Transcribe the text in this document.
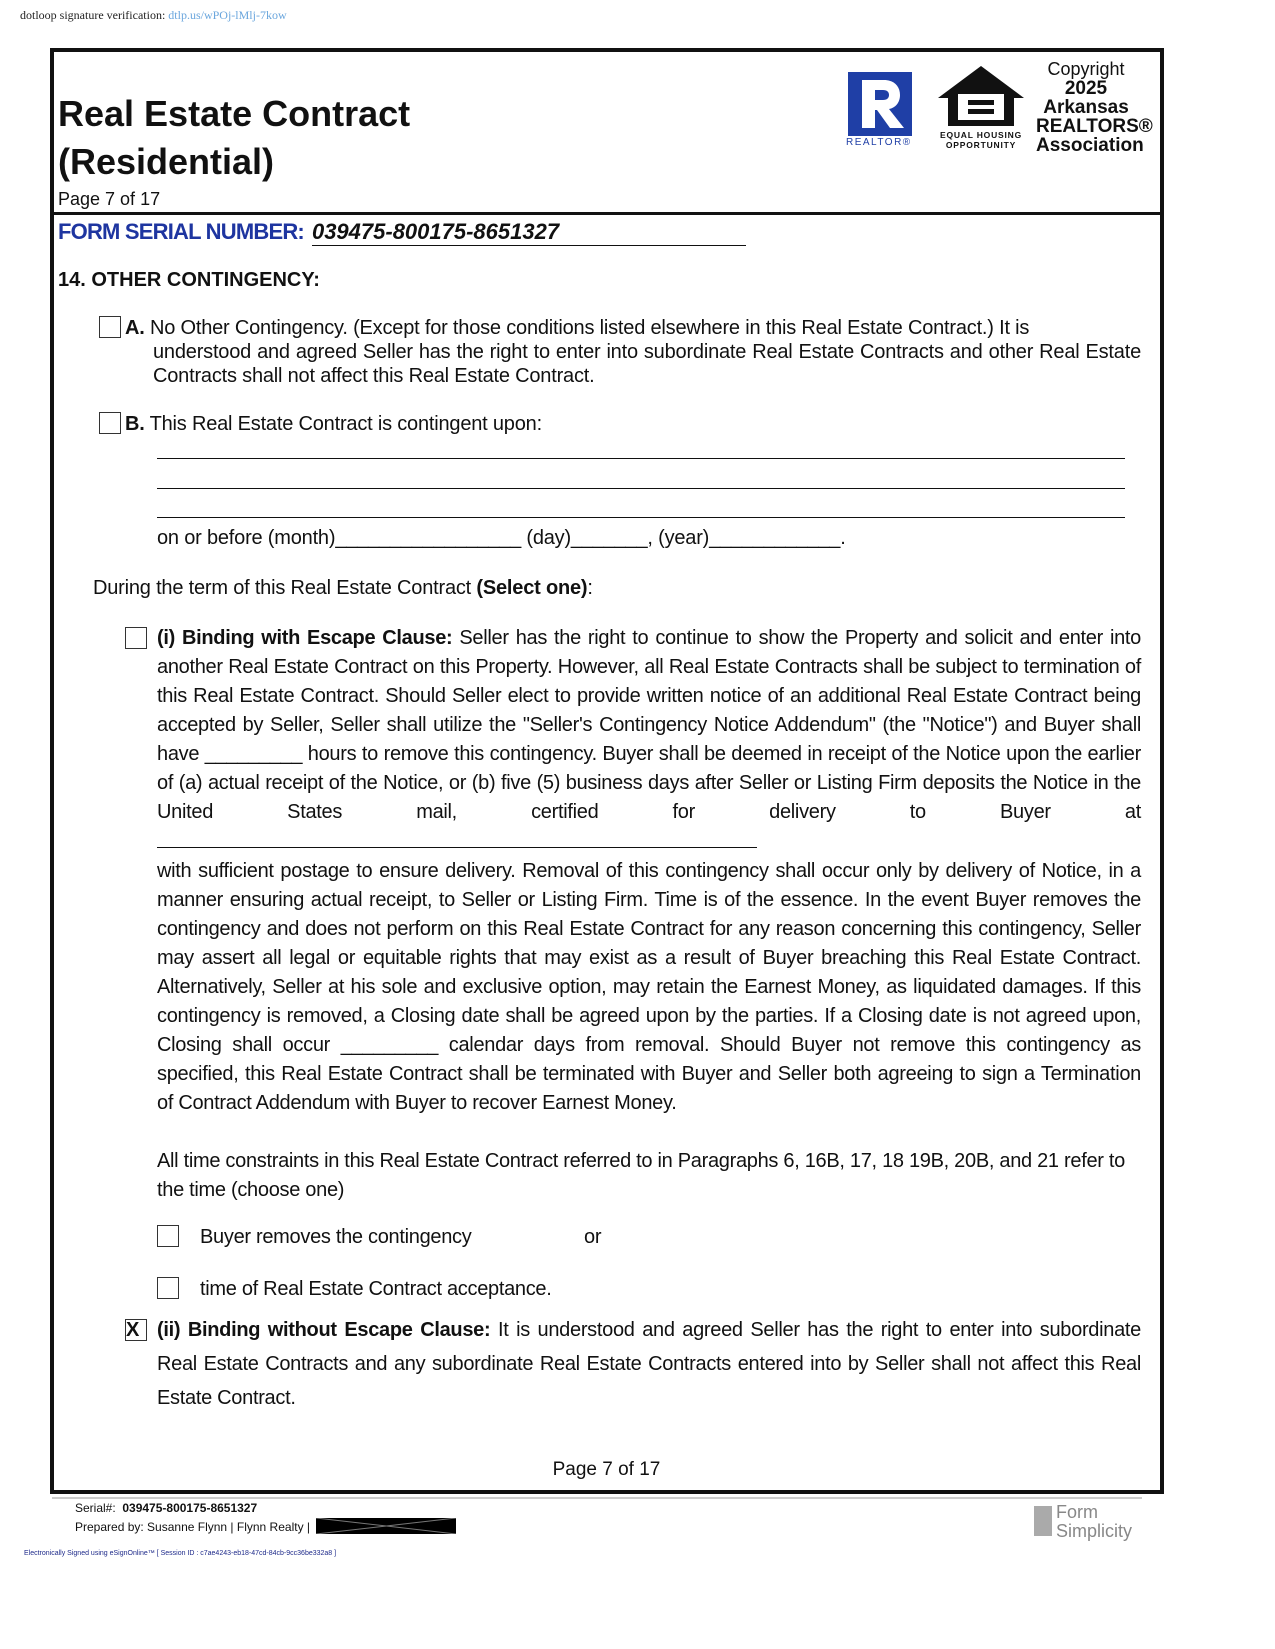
dotloop signature verification: dtlp.us/wPOj-lMlj-7kow
Real Estate Contract
(Residential)
Page 7 of 17
REALTOR®
EQUAL HOUSING
OPPORTUNITY
Copyright
2025
Arkansas
REALTORS®
Association
FORM SERIAL NUMBER: 039475-800175-8651327
14. OTHER CONTINGENCY:
A. No Other Contingency. (Except for those conditions listed elsewhere in this Real Estate Contract.) It is
understood and agreed Seller has the right to enter into subordinate Real Estate Contracts and other Real Estate Contracts shall not affect this Real Estate Contract.
B. This Real Estate Contract is contingent upon:
on or before (month)_________________ (day)_______, (year)____________.
During the term of this Real Estate Contract (Select one):
(i) Binding with Escape Clause: Seller has the right to continue to show the Property and solicit and enter into another Real Estate Contract on this Property. However, all Real Estate Contracts shall be subject to termination of this Real Estate Contract. Should Seller elect to provide written notice of an additional Real Estate Contract being accepted by Seller, Seller shall utilize the "Seller's Contingency Notice Addendum" (the "Notice") and Buyer shall have _________ hours to remove this contingency. Buyer shall be deemed in receipt of the Notice upon the earlier of (a) actual receipt of the Notice, or (b) five (5) business days after Seller or Listing Firm deposits the Notice in the United States mail, certified for delivery to Buyer at
with sufficient postage to ensure delivery. Removal of this contingency shall occur only by delivery of Notice, in a manner ensuring actual receipt, to Seller or Listing Firm. Time is of the essence. In the event Buyer removes the contingency and does not perform on this Real Estate Contract for any reason concerning this contingency, Seller may assert all legal or equitable rights that may exist as a result of Buyer breaching this Real Estate Contract. Alternatively, Seller at his sole and exclusive option, may retain the Earnest Money, as liquidated damages. If this contingency is removed, a Closing date shall be agreed upon by the parties. If a Closing date is not agreed upon, Closing shall occur _________ calendar days from removal. Should Buyer not remove this contingency as specified, this Real Estate Contract shall be terminated with Buyer and Seller both agreeing to sign a Termination of Contract Addendum with Buyer to recover Earnest Money.
All time constraints in this Real Estate Contract referred to in Paragraphs 6, 16B, 17, 18 19B, 20B, and 21 refer to the time (choose one)
Buyer removes the contingency	or
time of Real Estate Contract acceptance.
X (ii) Binding without Escape Clause: It is understood and agreed Seller has the right to enter into subordinate Real Estate Contracts and any subordinate Real Estate Contracts entered into by Seller shall not affect this Real Estate Contract.
Page 7 of 17
Serial#: 039475-800175-8651327
Prepared by: Susanne Flynn | Flynn Realty |
Form
Simplicity
Electronically Signed using eSignOnline™ [ Session ID : c7ae4243-eb18-47cd-84cb-9cc36be332a8 ]
